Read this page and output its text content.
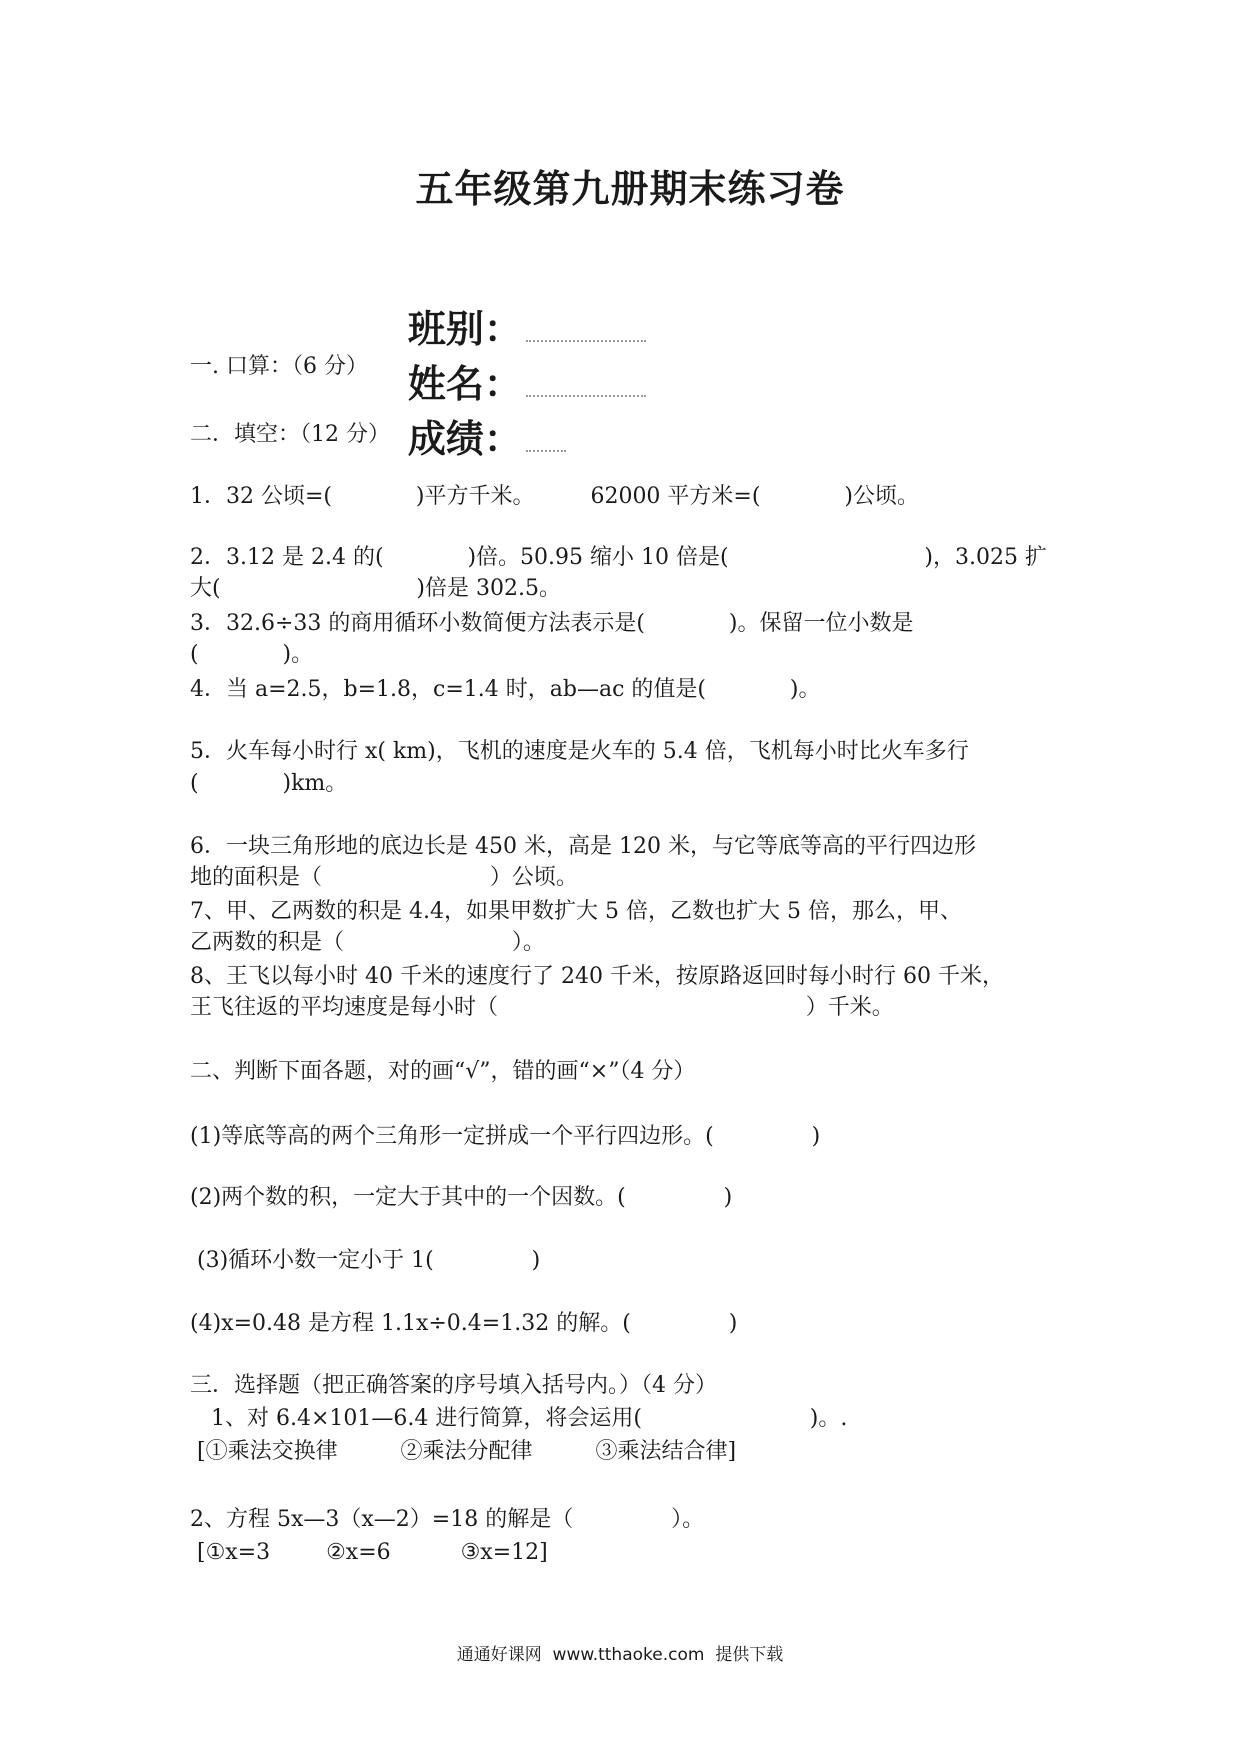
五年级第九册期末练习卷

班别：
姓名：
成绩：

一. 口算：（6 分）
二．填空：（12 分）
1．32 公顷=(            )平方千米。        62000 平方米=(            )公顷。
2．3.12 是 2.4 的(            )倍。50.95 缩小 10 倍是(                            )，3.025 扩
大(                            )倍是 302.5。
3．32.6÷33 的商用循环小数简便方法表示是(            )。保留一位小数是
(            )。
4．当 a=2.5，b=1.8，c=1.4 时，ab—ac 的值是(            )。
5．火车每小时行 x( km)，飞机的速度是火车的 5.4 倍，飞机每小时比火车多行
(            )km。
6．一块三角形地的底边长是 450 米，高是 120 米，与它等底等高的平行四边形
地的面积是（                        ）公顷。
7、甲、乙两数的积是 4.4，如果甲数扩大 5 倍，乙数也扩大 5 倍，那么，甲、
乙两数的积是（                        ）。
8、王飞以每小时 40 千米的速度行了 240 千米，按原路返回时每小时行 60 千米，
王飞往返的平均速度是每小时（                                            ）千米。
二、判断下面各题，对的画“√”，错的画“×”（4 分）
(1)等底等高的两个三角形一定拼成一个平行四边形。(              )
(2)两个数的积，一定大于其中的一个因数。(              )
(3)循环小数一定小于 1(              )
(4)x=0.48 是方程 1.1x÷0.4=1.32 的解。(              )
三．选择题（把正确答案的序号填入括号内。）（4 分）
1、对 6.4×101—6.4 进行简算，将会运用(                        )。.
[①乘法交换律         ②乘法分配律         ③乘法结合律]
2、方程 5x—3（x—2）=18 的解是（              ）。
[①x=3        ②x=6          ③x=12]
通通好课网  www.tthaoke.com  提供下载
